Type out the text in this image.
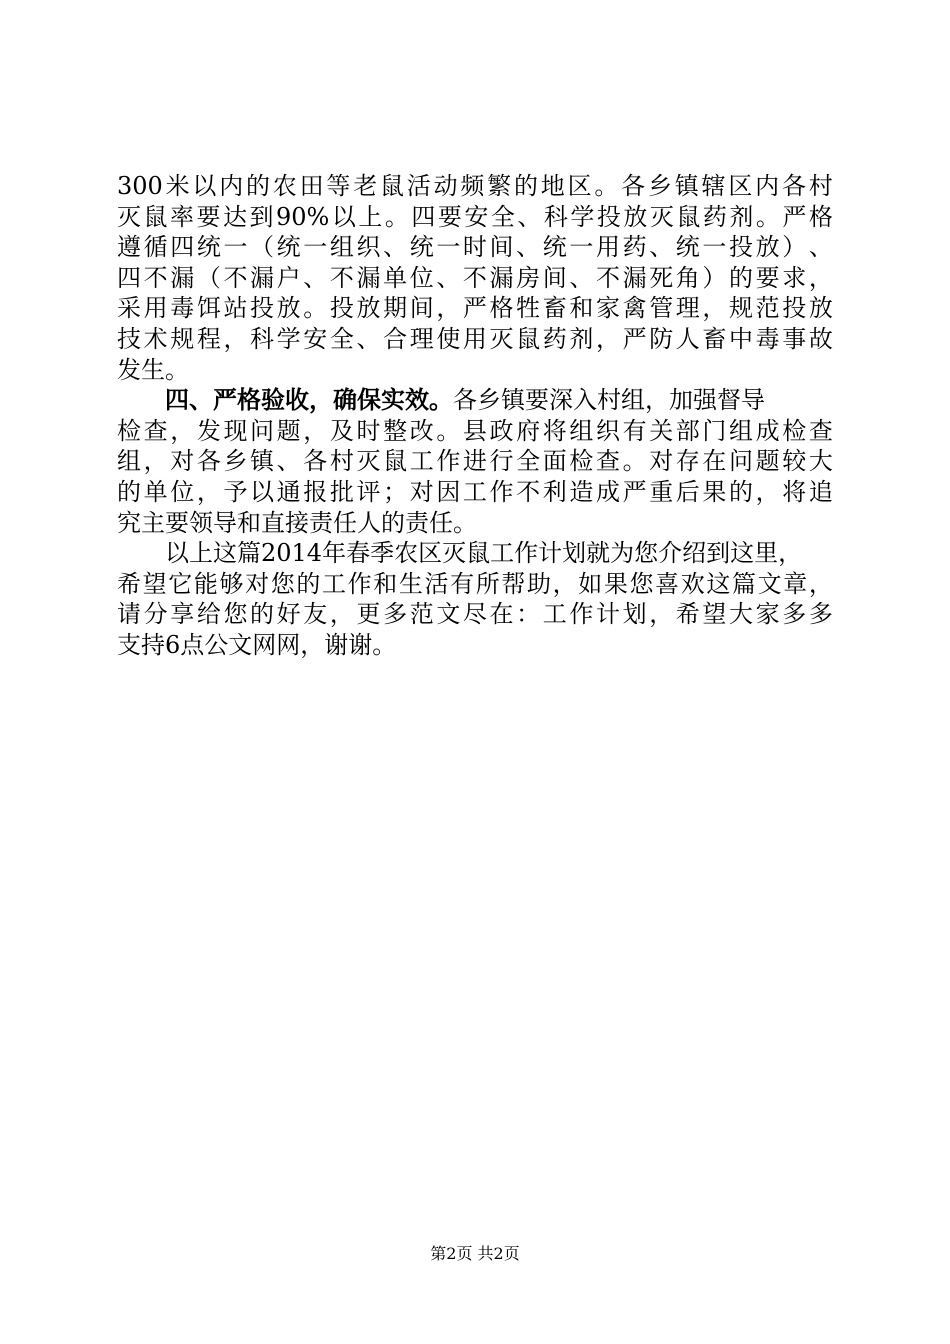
300 米 以 内 的 农 田 等 老 鼠 活 动 频 繁 的 地 区 。 各 乡 镇 辖 区 内 各 村
灭 鼠 率 要 达 到 90% 以 上 。 四 要 安 全 、 科 学 投 放 灭 鼠 药 剂 。 严 格
遵 循 四 统 一 （ 统 一 组 织 、 统 一 时 间 、 统 一 用 药 、 统 一 投 放 ） 、
四 不 漏 （ 不 漏 户 、 不 漏 单 位 、 不 漏 房 间 、 不 漏 死 角 ） 的 要 求 ，
采 用 毒 饵 站 投 放 。 投 放 期 间 ， 严 格 牲 畜 和 家 禽 管 理 ， 规 范 投 放
技 术 规 程 ， 科 学 安 全 、 合 理 使 用 灭 鼠 药 剂 ， 严 防 人 畜 中 毒 事 故
发生。
四、严格验收，确保实效。 各乡镇要深入村组，加强督导
检 查 ， 发 现 问 题 ， 及 时 整 改 。 县 政 府 将 组 织 有 关 部 门 组 成 检 查
组 ， 对 各 乡 镇 、 各 村 灭 鼠 工 作 进 行 全 面 检 查 。 对 存 在 问 题 较 大
的 单 位 ， 予 以 通 报 批 评 ； 对 因 工 作 不 利 造 成 严 重 后 果 的 ， 将 追
究主要领导和直接责任人的责任。
以上这篇2014年春季农区灭鼠工作计划就为您介绍到这里，
希 望 它 能 够 对 您 的 工 作 和 生 活 有 所 帮 助 ， 如 果 您 喜 欢 这 篇 文 章 ，
请 分 享 给 您 的 好 友 ， 更 多 范 文 尽 在 ： 工 作 计 划 ， 希 望 大 家 多 多
支持6点公文网网，谢谢。
第2页 共2页
